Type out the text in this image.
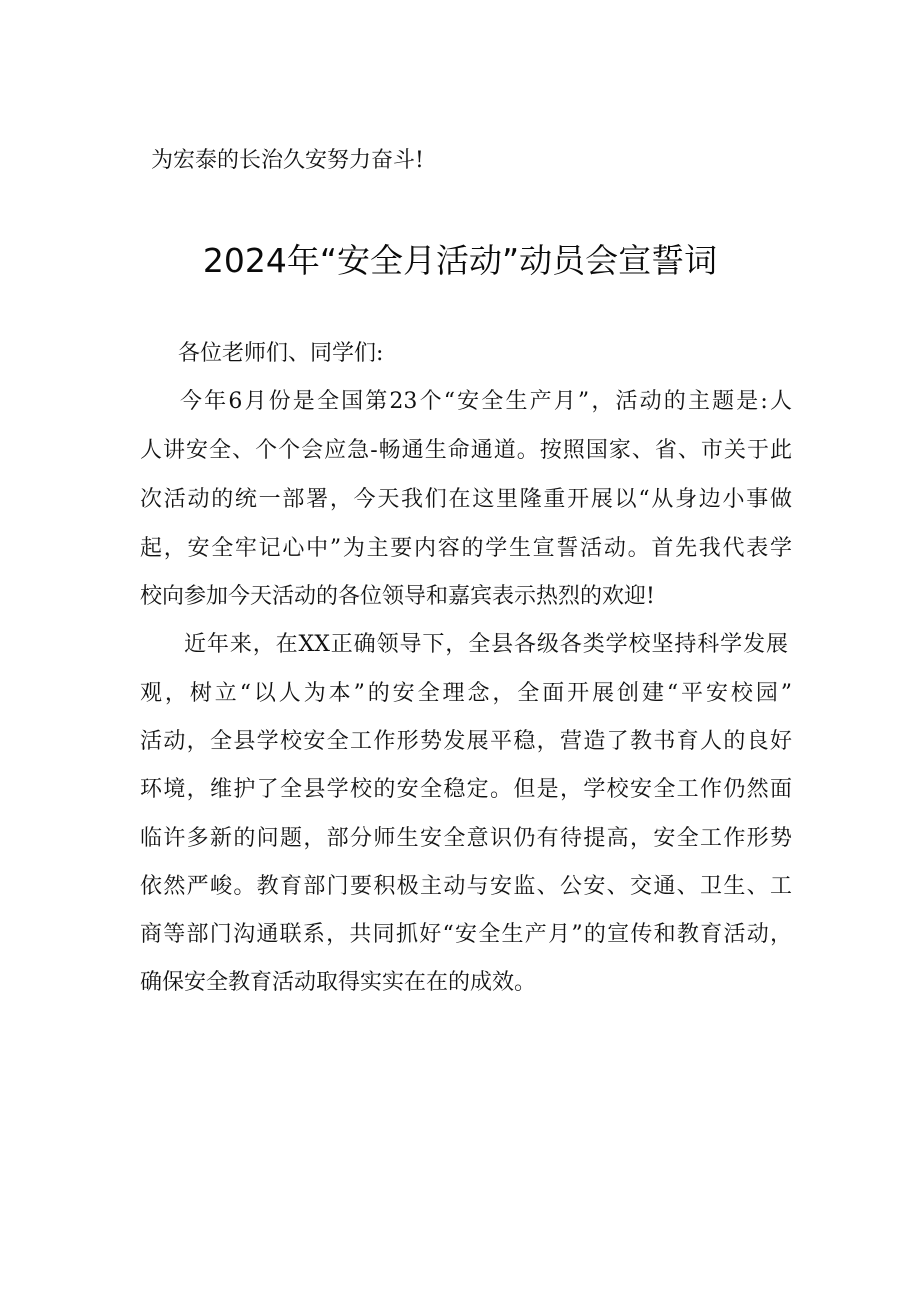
为宏泰的长治久安努力奋斗!
2024年“安全月活动”动员会宣誓词
各位老师们、同学们:
今年6月份是全国第23个“安全生产月”，活动的主题是:人
人讲安全、个个会应急-畅通生命通道。按照国家、省、市关于此
次活动的统一部署，今天我们在这里隆重开展以“从身边小事做
起，安全牢记心中”为主要内容的学生宣誓活动。首先我代表学
校向参加今天活动的各位领导和嘉宾表示热烈的欢迎!
近年来，在XX正确领导下，全县各级各类学校坚持科学发展
观，树立“以人为本”的安全理念，全面开展创建“平安校园”
活动，全县学校安全工作形势发展平稳，营造了教书育人的良好
环境，维护了全县学校的安全稳定。但是，学校安全工作仍然面
临许多新的问题，部分师生安全意识仍有待提高，安全工作形势
依然严峻。教育部门要积极主动与安监、公安、交通、卫生、工
商等部门沟通联系，共同抓好“安全生产月”的宣传和教育活动，
确保安全教育活动取得实实在在的成效。
